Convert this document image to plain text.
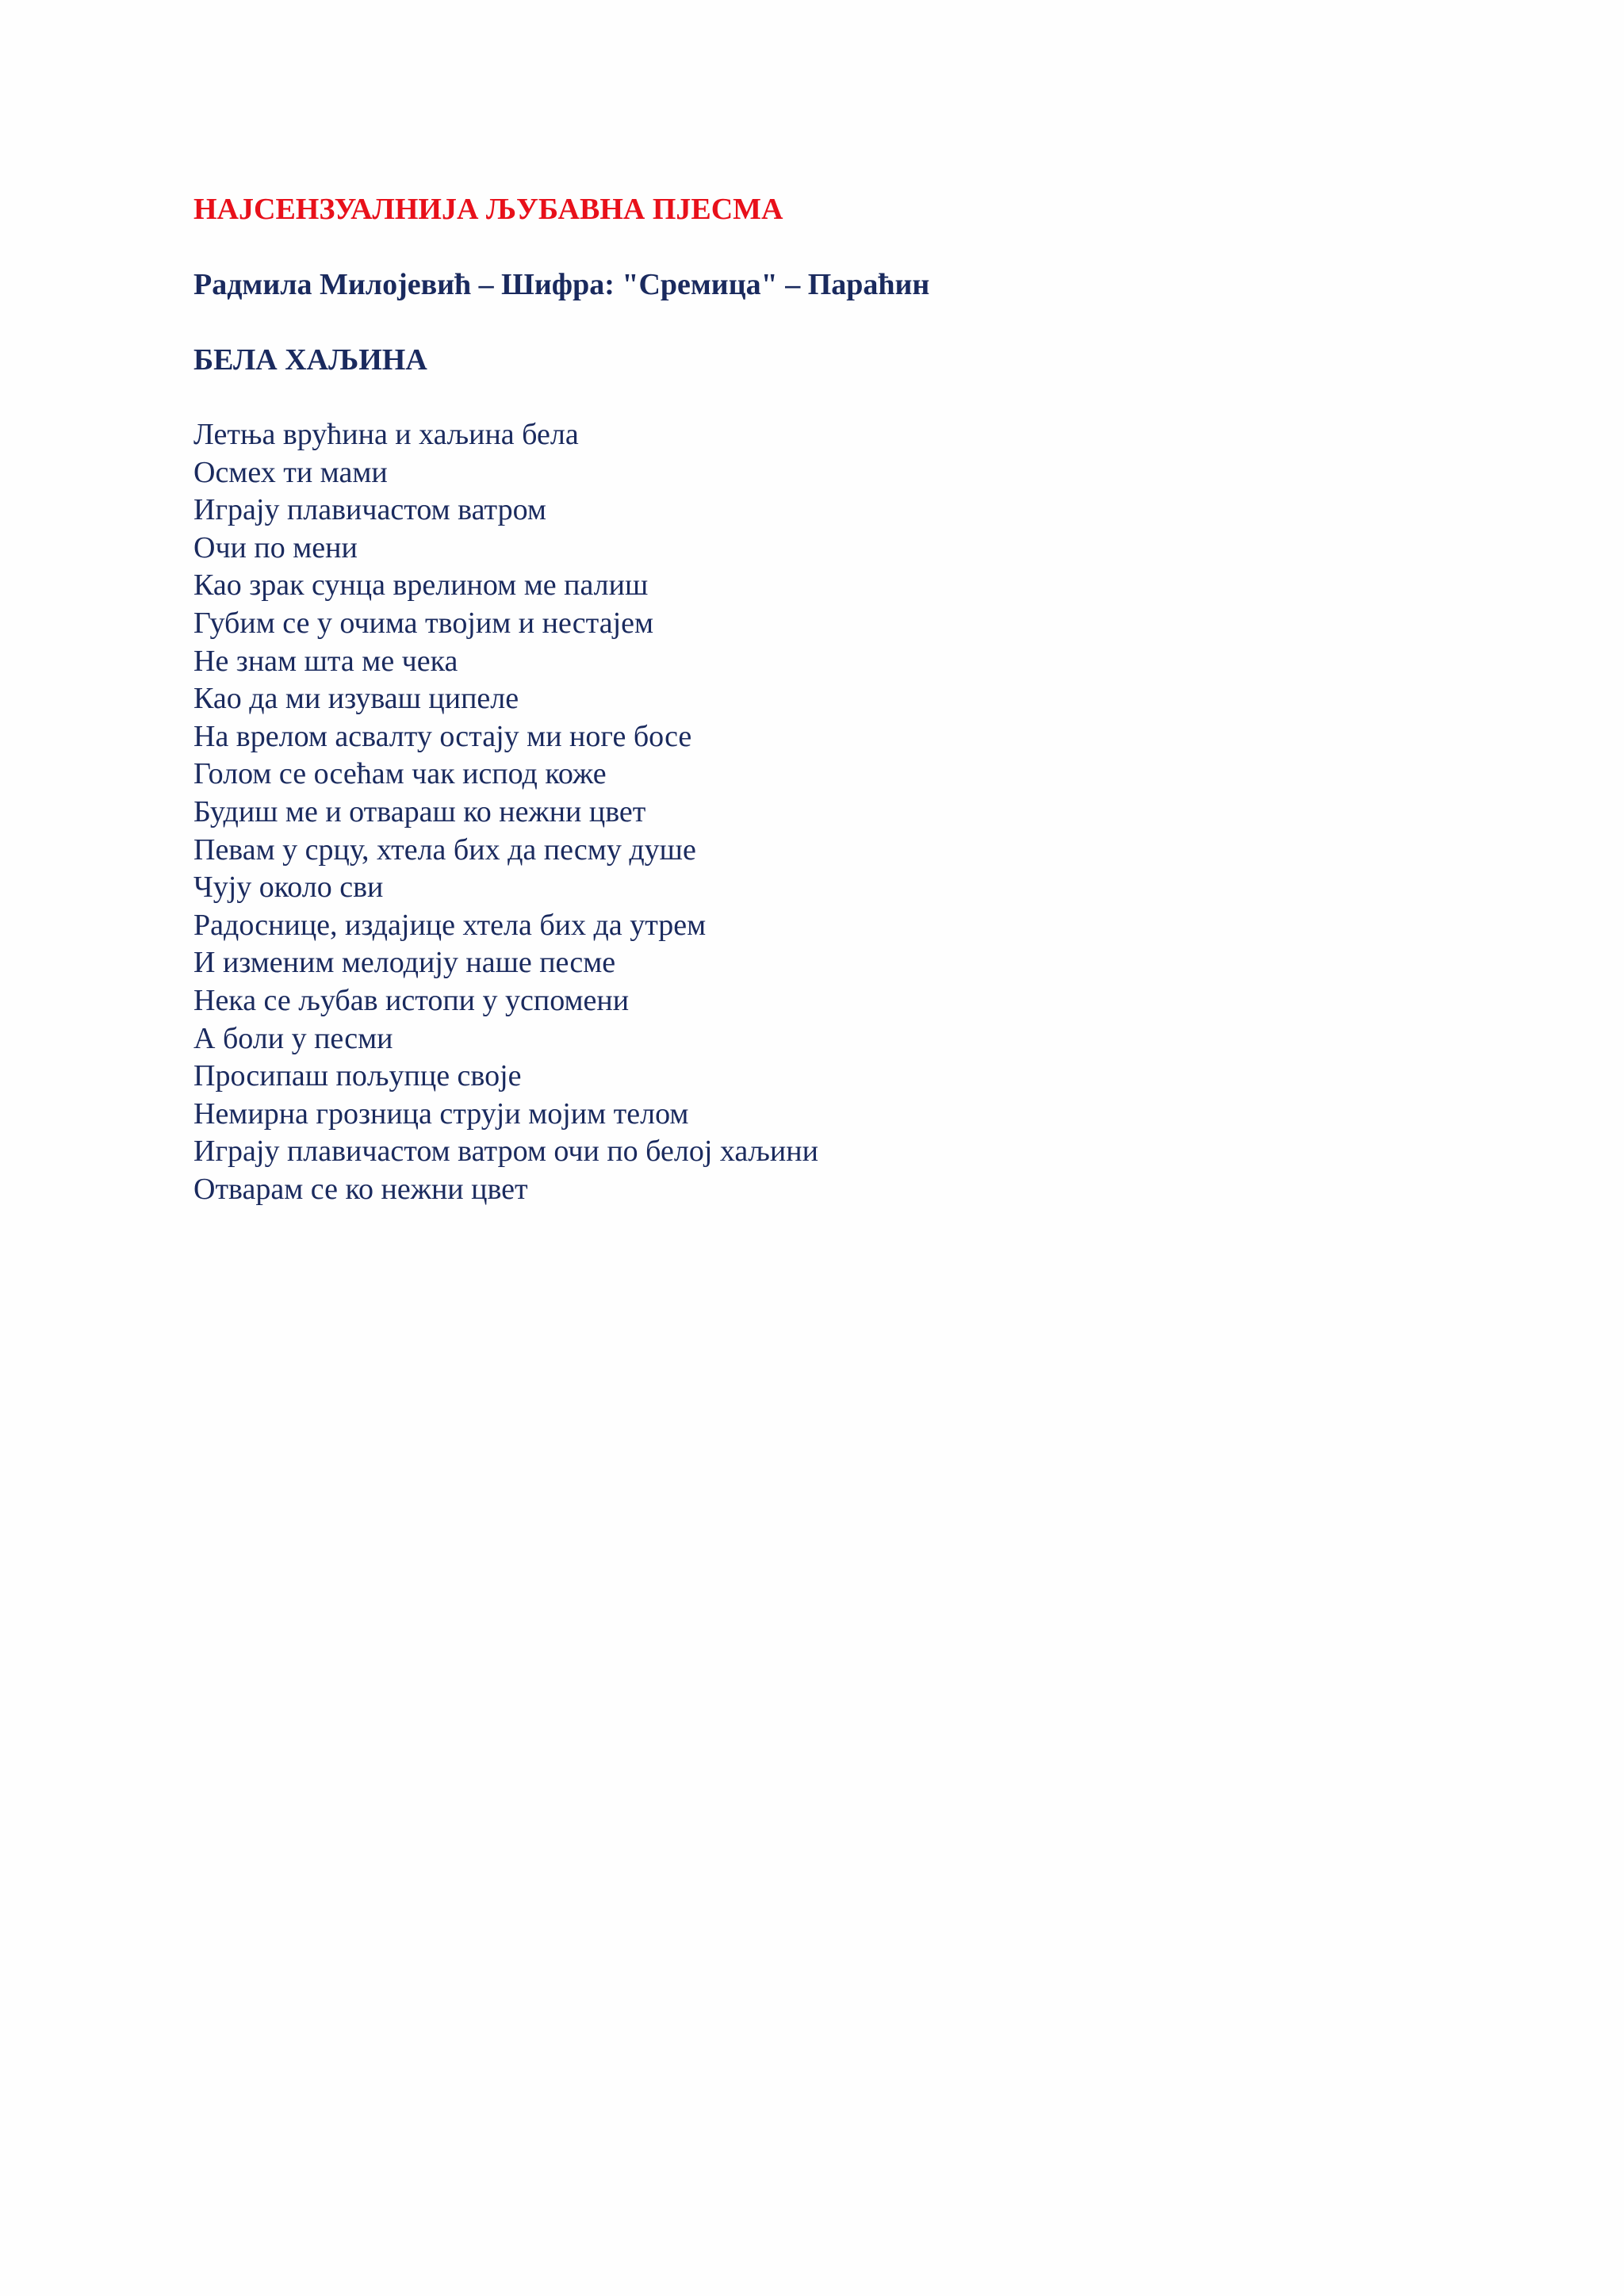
НАЈСЕНЗУАЛНИЈА ЉУБАВНА ПЈЕСМА

Радмила Милојевић – Шифра: "Сремица" – Параћин

БЕЛА ХАЉИНА

Летња врућина и хаљина бела

Осмех ти мами

Играју плавичастом ватром

Очи по мени

Као зрак сунца врелином ме палиш

Губим се у очима твојим и нестајем

Не знам шта ме чека

Као да ми изуваш ципеле

На врелом асвалту остају ми ноге босе

Голом се осећам чак испод коже

Будиш ме и отвараш ко нежни цвет

Певам у срцу, хтела бих да песму душе

Чују около сви

Радоснице, издајице хтела бих да утрем

И изменим мелодију наше песме

Нека се љубав истопи у успомени

А боли у песми

Просипаш пољупце своје

Немирна грозница струји мојим телом

Играју плавичастом ватром очи по белој хаљини

Отварам се ко нежни цвет
